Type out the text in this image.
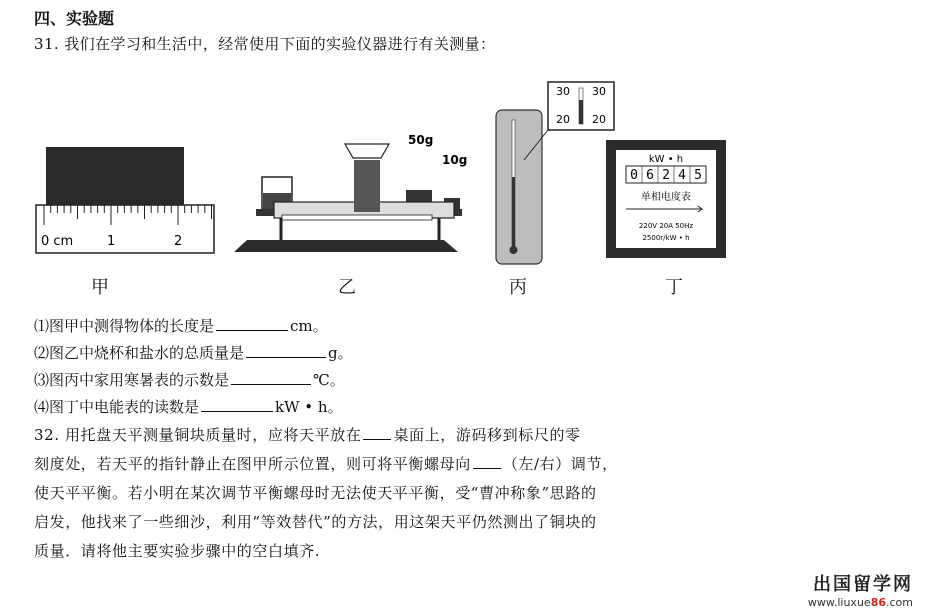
四、实验题
31. 我们在学习和生活中，经常使用下面的实验仪器进行有关测量：
0 cm	1	2
50g
10g
30 30
20 20
kW • h
0 6 2 4 5
单相电度表
220V 20A 50Hz
2500r/kW • h
甲	乙	丙	丁
⑴图甲中测得物体的长度是	cm。
⑵图乙中烧杯和盐水的总质量是	g。
⑶图丙中家用寒暑表的示数是	℃。
⑷图丁中电能表的读数是	kW • h。
32. 用托盘天平测量铜块质量时，应将天平放在 桌面上，游码移到标尺的零
刻度处，若天平的指针静止在图甲所示位置，则可将平衡螺母向 （左/右）调节，
使天平平衡。若小明在某次调节平衡螺母时无法使天平平衡，受“曹冲称象”思路的
启发，他找来了一些细沙，利用“等效替代”的方法，用这架天平仍然测出了铜块的
质量．请将他主要实验步骤中的空白填齐.
出国留学网
www.liuxue86.com
